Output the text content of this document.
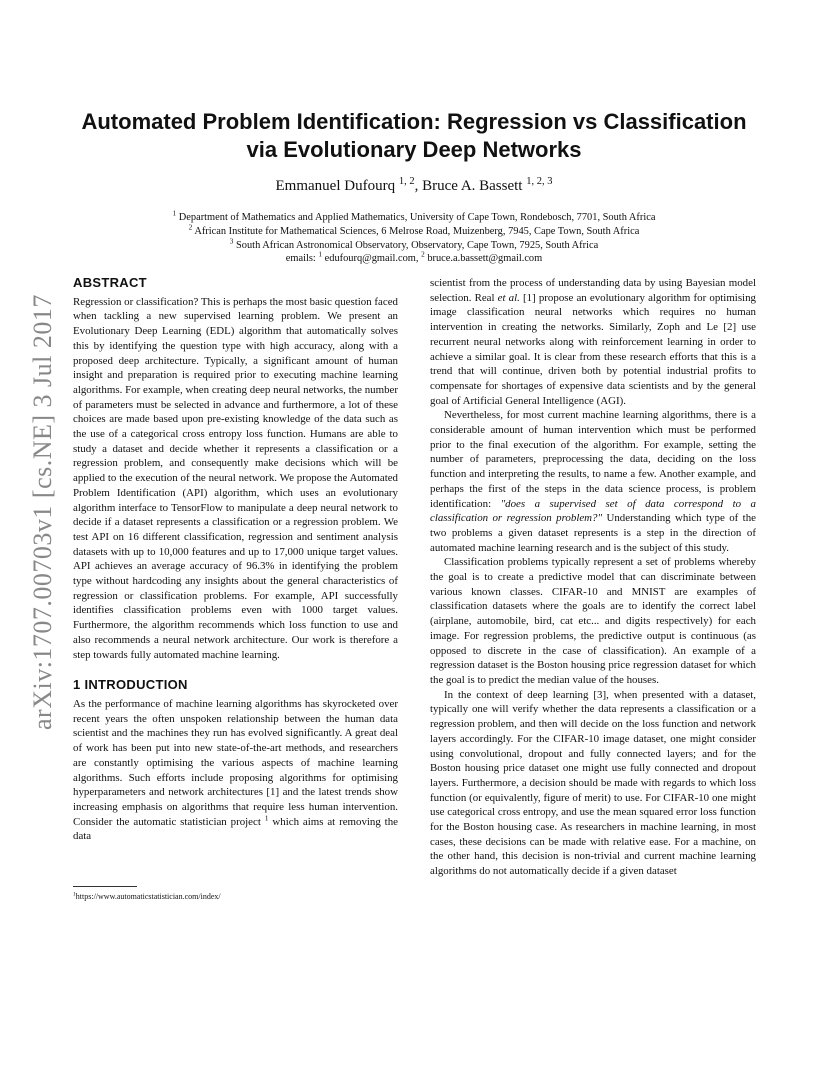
Automated Problem Identification: Regression vs Classification
via Evolutionary Deep Networks
Emmanuel Dufourq $^{1, 2}$, Bruce A. Bassett $^{1, 2, 3}$
$^1$ Department of Mathematics and Applied Mathematics, University of Cape Town, Rondebosch, 7701, South Africa
$^2$ African Institute for Mathematical Sciences, 6 Melrose Road, Muizenberg, 7945, Cape Town, South Africa
$^3$ South African Astronomical Observatory, Observatory, Cape Town, 7925, South Africa
emails: $^1$ edufourq@gmail.com, $^2$ bruce.a.bassett@gmail.com
arXiv:1707.00703v1 [cs.NE] 3 Jul 2017
ABSTRACT

Regression or classification? This is perhaps the most basic question faced when tackling a new supervised learning problem. We present an Evolutionary Deep Learning (EDL) algorithm that automatically solves this by identifying the question type with high accuracy, along with a proposed deep architecture. Typically, a significant amount of human insight and preparation is required prior to executing machine learning algorithms. For example, when creating deep neural networks, the number of parameters must be selected in advance and furthermore, a lot of these choices are made based upon pre-existing knowledge of the data such as the use of a categorical cross entropy loss function. Humans are able to study a dataset and decide whether it represents a classification or a regression problem, and consequently make decisions which will be applied to the execution of the neural network. We propose the Automated Problem Identification (API) algorithm, which uses an evolutionary algorithm interface to TensorFlow to manipulate a deep neural network to decide if a dataset represents a classification or a regression problem. We test API on 16 different classification, regression and sentiment analysis datasets with up to 10,000 features and up to 17,000 unique target values. API achieves an average accuracy of 96.3% in identifying the problem type without hardcoding any insights about the general characteristics of regression or classification problems. For example, API successfully identifies classification problems even with 1000 target values. Furthermore, the algorithm recommends which loss function to use and also recommends a neural network architecture. Our work is therefore a step towards fully automated machine learning.

1 INTRODUCTION

As the performance of machine learning algorithms has skyrocketed over recent years the often unspoken relationship between the human data scientist and the machines they run has evolved significantly. A great deal of work has been put into new state-of-the-art methods, and researchers are constantly optimising the various aspects of machine learning algorithms. Such efforts include proposing algorithms for optimising hyperparameters and network architectures [1] and the latest trends show increasing emphasis on algorithms that require less human intervention. Consider the automatic statistician project $^1$ which aims at removing the data

$^1$https://www.automaticstatistician.com/index/

scientist from the process of understanding data by using Bayesian model selection. Real et al. [1] propose an evolutionary algorithm for optimising image classification neural networks which requires no human intervention in creating the networks. Similarly, Zoph and Le [2] use recurrent neural networks along with reinforcement learning in order to achieve a similar goal. It is clear from these research efforts that this is a trend that will continue, driven both by potential industrial profits to compensate for shortages of expensive data scientists and by the general goal of Artificial General Intelligence (AGI).

Nevertheless, for most current machine learning algorithms, there is a considerable amount of human intervention which must be performed prior to the final execution of the algorithm. For example, setting the number of parameters, preprocessing the data, deciding on the loss function and interpreting the results, to name a few. Another example, and perhaps the first of the steps in the data science process, is problem identification: "does a supervised set of data correspond to a classification or regression problem?" Understanding which type of the two problems a given dataset represents is a step in the direction of automated machine learning research and is the subject of this study.

Classification problems typically represent a set of problems whereby the goal is to create a predictive model that can discriminate between various known classes. CIFAR-10 and MNIST are examples of classification datasets where the goals are to identify the correct label (airplane, automobile, bird, cat etc... and digits respectively) for each image. For regression problems, the predictive output is continuous (as opposed to discrete in the case of classification). An example of a regression dataset is the Boston housing price regression dataset for which the goal is to predict the median value of the houses.

In the context of deep learning [3], when presented with a dataset, typically one will verify whether the data represents a classification or a regression problem, and then will decide on the loss function and network layers accordingly. For the CIFAR-10 image dataset, one might consider using convolutional, dropout and fully connected layers; and for the Boston housing price dataset one might use fully connected and dropout layers. Furthermore, a decision should be made with regards to which loss function (or equivalently, figure of merit) to use. For CIFAR-10 one might use categorical cross entropy, and use the mean squared error loss function for the Boston housing case. As researchers in machine learning, in most cases, these decisions can be made with relative ease. For a machine, on the other hand, this decision is non-trivial and current machine learning algorithms do not automatically decide if a given dataset
